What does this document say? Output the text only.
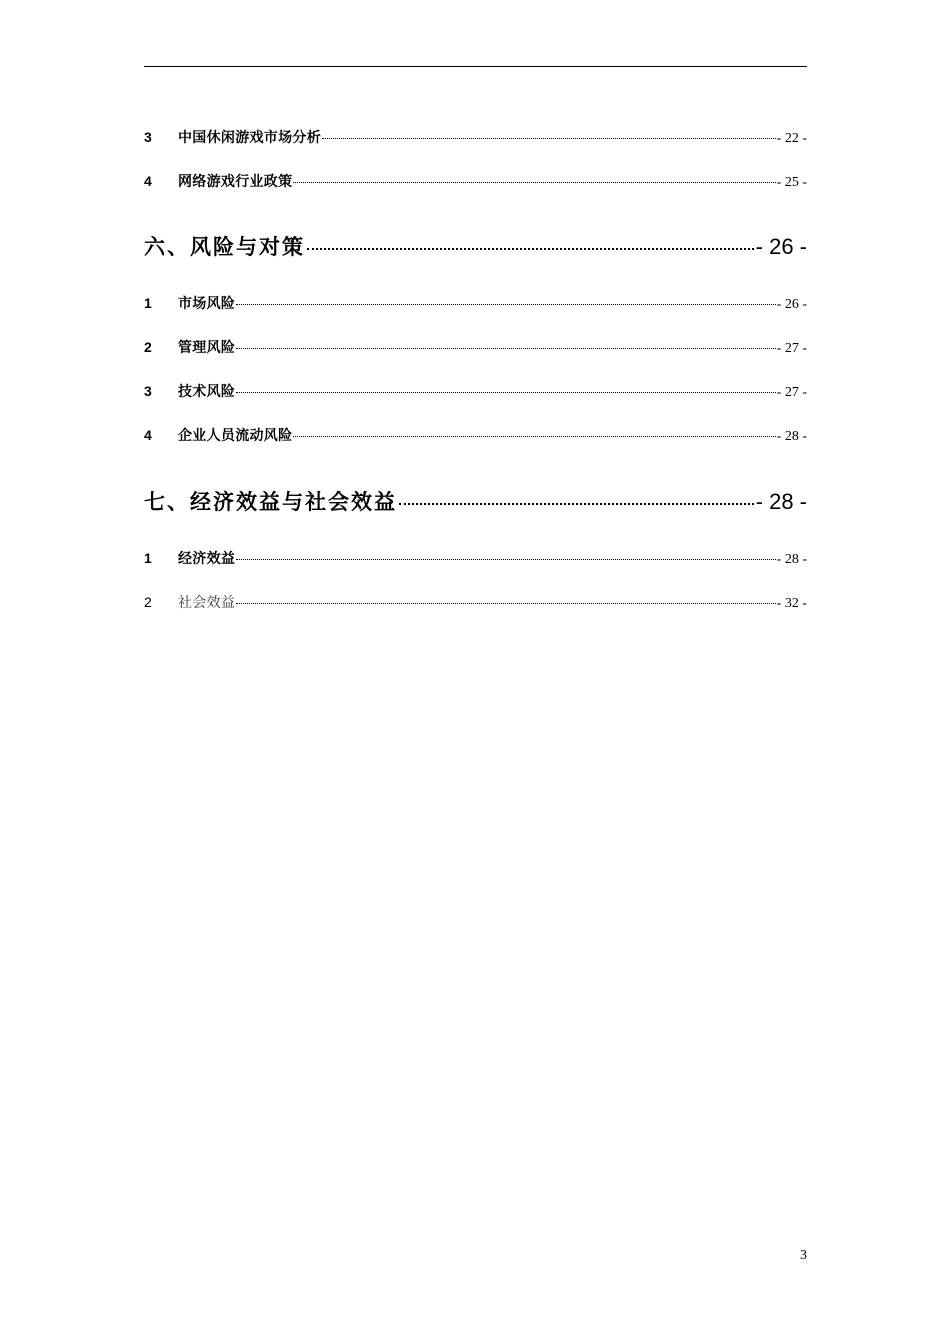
3	中国休闲游戏市场分析	- 22 -
4	网络游戏行业政策	- 25 -
六、风险与对策	- 26 -
1	市场风险	- 26 -
2	管理风险	- 27 -
3	技术风险	- 27 -
4	企业人员流动风险	- 28 -
七、经济效益与社会效益	- 28 -
1	经济效益	- 28 -
2	社会效益	- 32 -
3
